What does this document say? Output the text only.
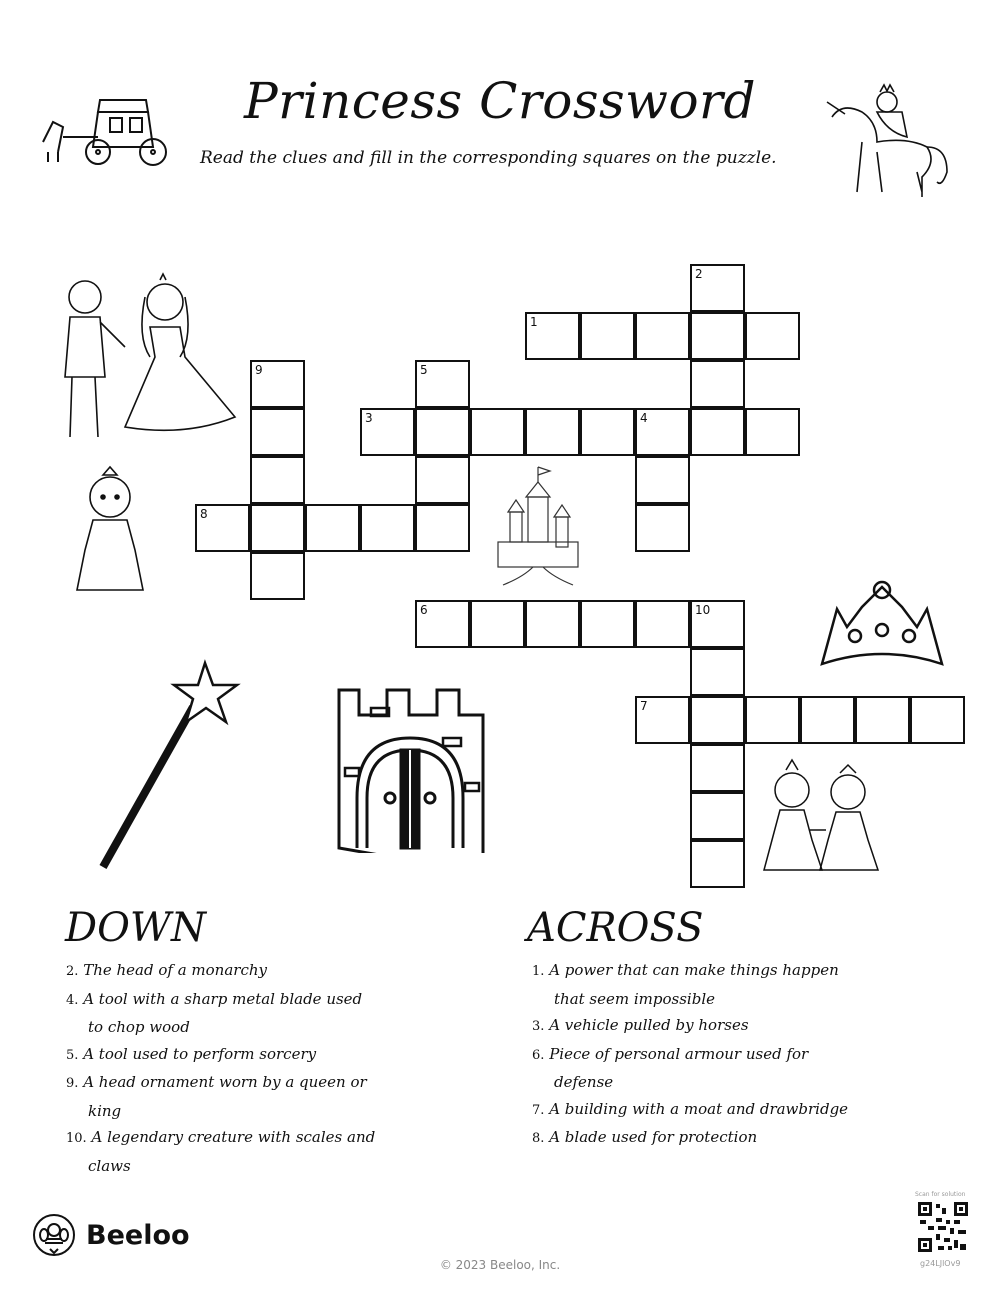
Princess Crossword
Read the clues and fill in the corresponding squares on the puzzle.
1
2
3	4
5
6	10
7
8
9
DOWN
2. The head of a monarchy
4. A tool with a sharp metal blade used
to chop wood
5. A tool used to perform sorcery
9. A head ornament worn by a queen or
king
10. A legendary creature with scales and
claws
ACROSS
1. A power that can make things happen
that seem impossible
3. A vehicle pulled by horses
6. Piece of personal armour used for
defense
7. A building with a moat and drawbridge
8. A blade used for protection
Beeloo
© 2023 Beeloo, Inc.
Scan for solution
g24LJlOv9
